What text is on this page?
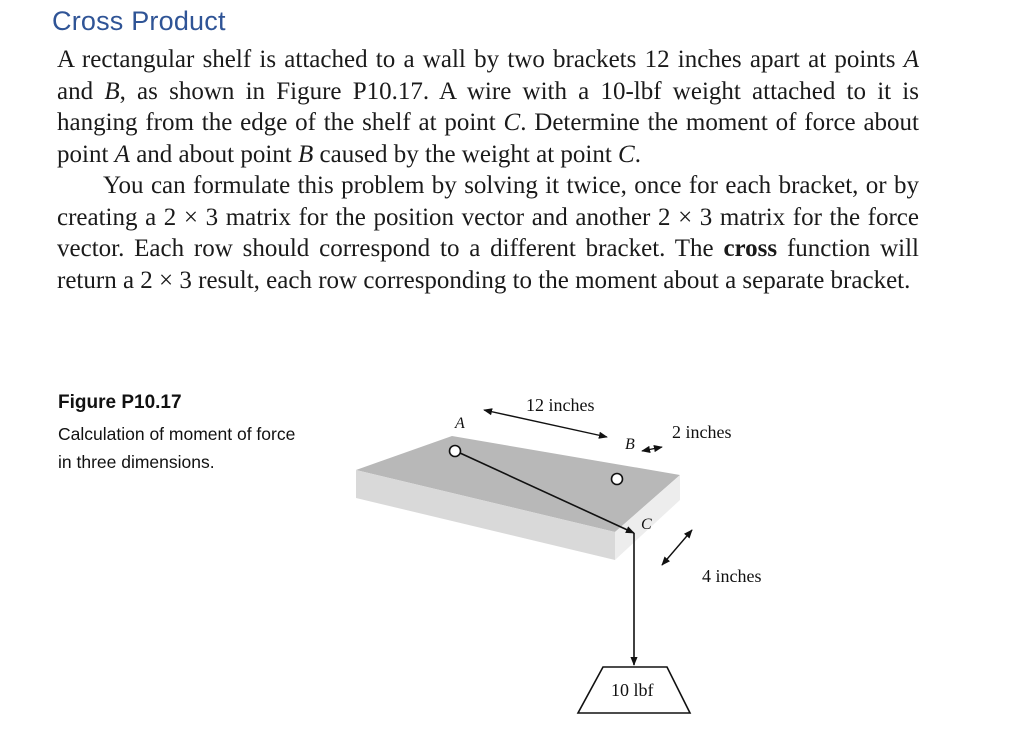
Cross Product

A rectangular shelf is attached to a wall by two brackets 12 inches apart at points A and B, as shown in Figure P10.17. A wire with a 10-lbf weight attached to it is hanging from the edge of the shelf at point C. Determine the moment of force about point A and about point B caused by the weight at point C.

You can formulate this problem by solving it twice, once for each bracket, or by creating a 2 × 3 matrix for the position vector and another 2 × 3 matrix for the force vector. Each row should correspond to a different bracket. The cross function will return a 2 × 3 result, each row corresponding to the moment about a separate bracket.

Figure P10.17
Calculation of moment of force in three dimensions.
12 inches
2 inches
4 inches
10 lbf
A
B
C
